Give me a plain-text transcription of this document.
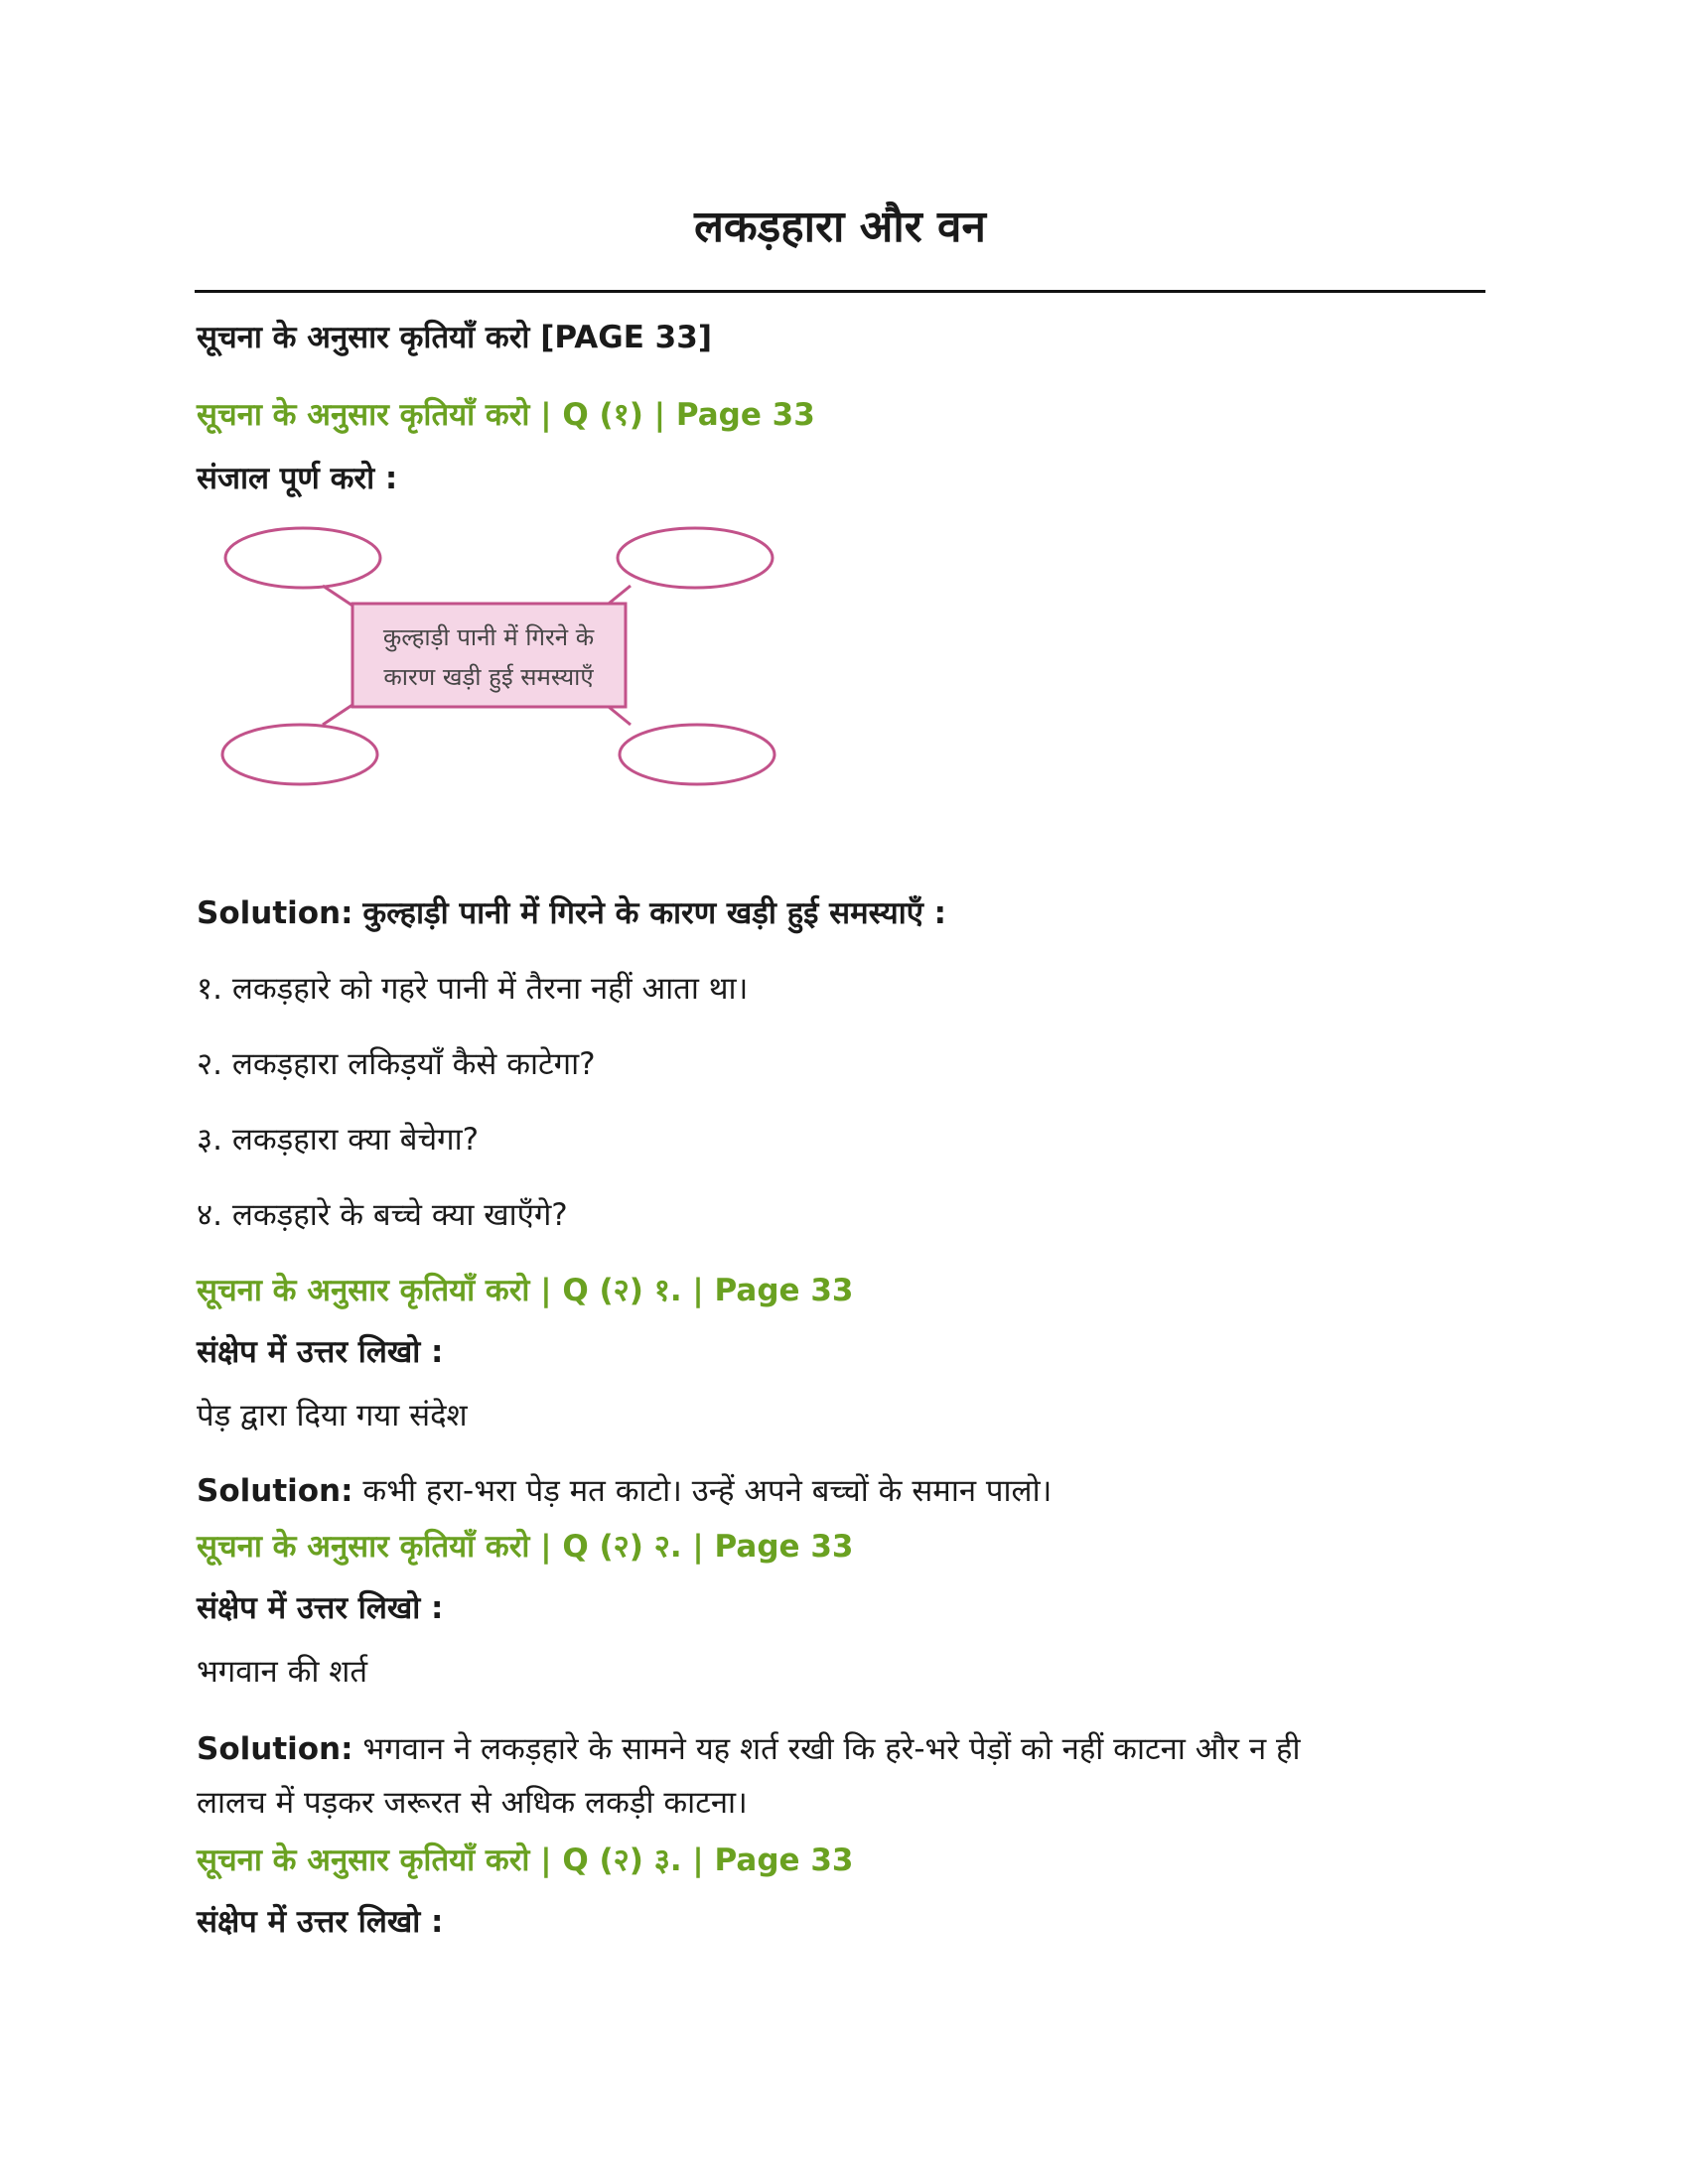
लकड़हारा और वन

सूचना के अनुसार कृतियाँ करो [PAGE 33]

सूचना के अनुसार कृतियाँ करो | Q (१) | Page 33

संजाल पूर्ण करो :

कुल्हाड़ी पानी में गिरने के
कारण खड़ी हुई समस्याएँ

Solution: कुल्हाड़ी पानी में गिरने के कारण खड़ी हुई समस्याएँ :

१. लकड़हारे को गहरे पानी में तैरना नहीं आता था।

२. लकड़हारा लकिड़याँ कैसे काटेगा?

३. लकड़हारा क्या बेचेगा?

४. लकड़हारे के बच्चे क्या खाएँगे?

सूचना के अनुसार कृतियाँ करो | Q (२) १. | Page 33

संक्षेप में उत्तर लिखो :

पेड़ द्वारा दिया गया संदेश

Solution: कभी हरा-भरा पेड़ मत काटो। उन्हें अपने बच्चों के समान पालो।

सूचना के अनुसार कृतियाँ करो | Q (२) २. | Page 33

संक्षेप में उत्तर लिखो :

भगवान की शर्त

Solution: भगवान ने लकड़हारे के सामने यह शर्त रखी कि हरे-भरे पेड़ों को नहीं काटना और न ही

लालच में पड़कर जरूरत से अधिक लकड़ी काटना।

सूचना के अनुसार कृतियाँ करो | Q (२) ३. | Page 33

संक्षेप में उत्तर लिखो :
